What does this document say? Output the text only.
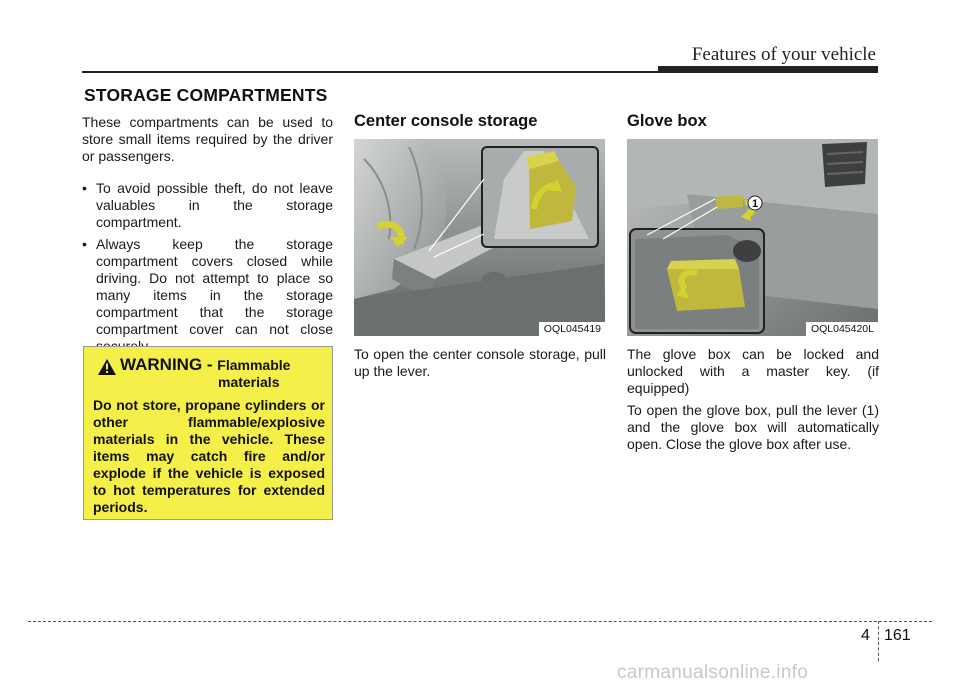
Features of your vehicle
STORAGE COMPARTMENTS

These compartments can be used to store small items required by the driver or passengers.

• To avoid possible theft, do not leave valuables in the storage compartment.
• Always keep the storage compartment covers closed while driving. Do not attempt to place so many items in the storage compartment that the storage compartment cover can not close
WARNING - Flammable
materials
Do not store, propane cylinders or other flammable/explosive materials in the vehicle. These items may catch fire and/or explode if the vehicle is exposed to hot temperatures for extended periods.
Center console storage
OQL045419

To open the center console storage, pull up the lever.

Glove box
1
OQL045420L

The glove box can be locked and unlocked with a master key. (if equipped)

To open the glove box, pull the lever (1) and the glove box will automatically open. Close the glove box after use.

4 161
carmanualsonline.info
